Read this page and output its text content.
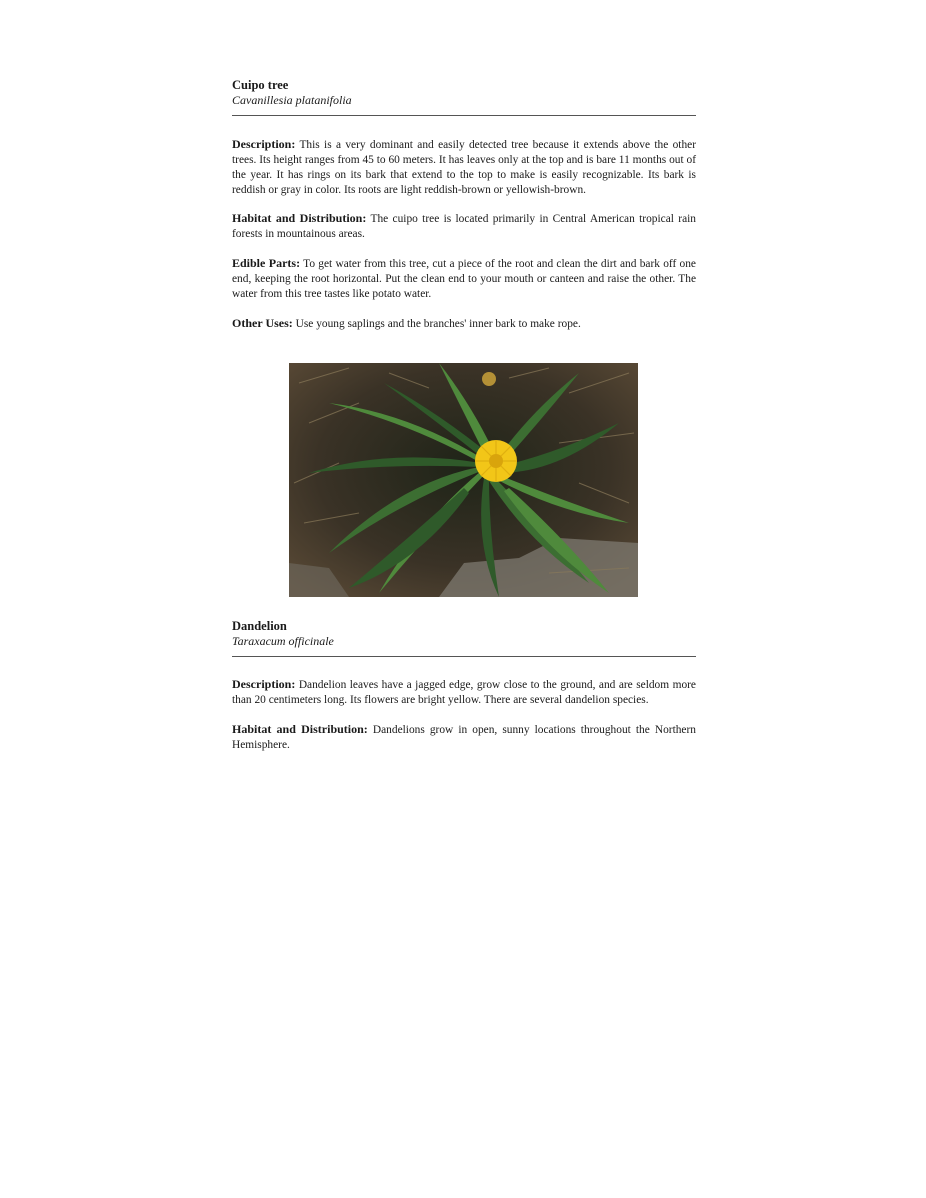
Cuipo tree

Cavanillesia platanifolia

Description: This is a very dominant and easily detected tree because it extends above the other trees. Its height ranges from 45 to 60 meters. It has leaves only at the top and is bare 11 months out of the year. It has rings on its bark that extend to the top to make is easily recognizable. Its bark is reddish or gray in color. Its roots are light reddish-brown or yellowish-brown.

Habitat and Distribution: The cuipo tree is located primarily in Central American tropical rain forests in mountainous areas.

Edible Parts: To get water from this tree, cut a piece of the root and clean the dirt and bark off one end, keeping the root horizontal. Put the clean end to your mouth or canteen and raise the other. The water from this tree tastes like potato water.

Other Uses: Use young saplings and the branches' inner bark to make rope.

Dandelion

Taraxacum officinale

Description: Dandelion leaves have a jagged edge, grow close to the ground, and are seldom more than 20 centimeters long. Its flowers are bright yellow. There are several dandelion species.

Habitat and Distribution: Dandelions grow in open, sunny locations throughout the Northern Hemisphere.
